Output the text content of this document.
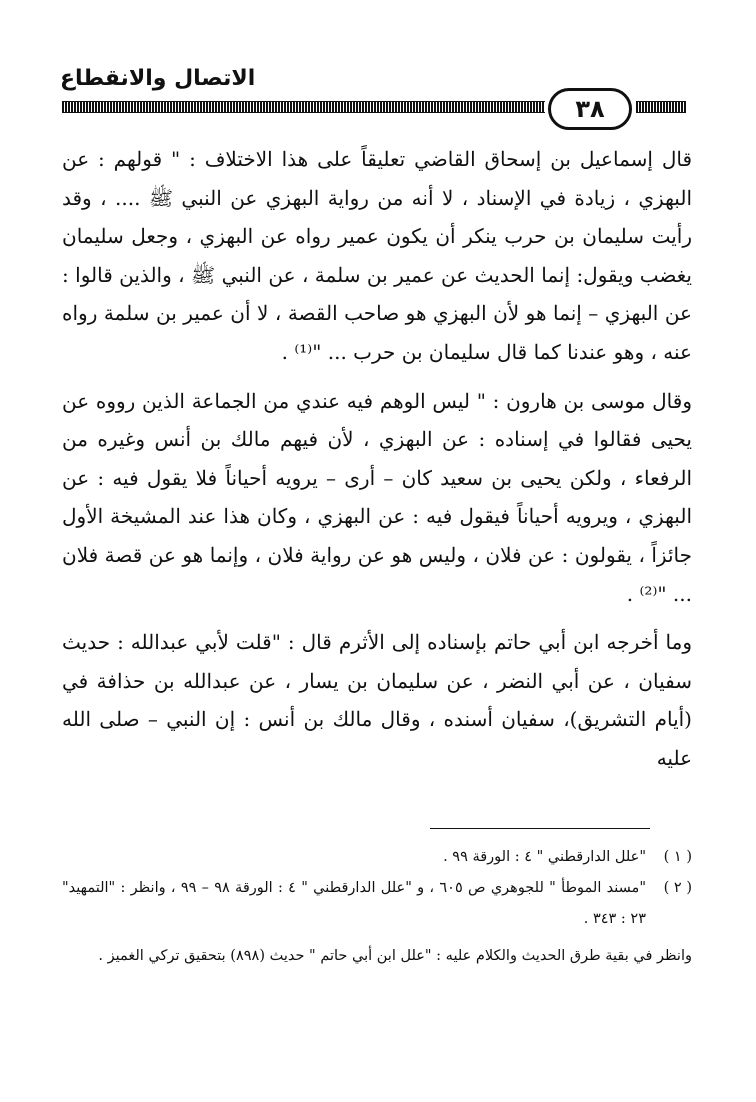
الاتصال والانقطاع
٣٨

قال إسماعيل بن إسحاق القاضي تعليقاً على هذا الاختلاف : " قولهم : عن البهزي ، زيادة في الإسناد ، لا أنه من رواية البهزي عن النبي ﷺ .... ، وقد رأيت سليمان بن حرب ينكر أن يكون عمير رواه عن البهزي ، وجعل سليمان يغضب ويقول: إنما الحديث عن عمير بن سلمة ، عن النبي ﷺ ، والذين قالوا : عن البهزي – إنما هو لأن البهزي هو صاحب القصة ، لا أن عمير بن سلمة رواه عنه ، وهو عندنا كما قال سليمان بن حرب ... "⁽¹⁾ .

وقال موسى بن هارون : " ليس الوهم فيه عندي من الجماعة الذين رووه عن يحيى فقالوا في إسناده : عن البهزي ، لأن فيهم مالك بن أنس وغيره من الرفعاء ، ولكن يحيى بن سعيد كان – أرى – يرويه أحياناً فلا يقول فيه : عن البهزي ، ويرويه أحياناً فيقول فيه : عن البهزي ، وكان هذا عند المشيخة الأول جائزاً ، يقولون : عن فلان ، وليس هو عن رواية فلان ، وإنما هو عن قصة فلان ... "⁽²⁾ .

وما أخرجه ابن أبي حاتم بإسناده إلى الأثرم قال : "قلت لأبي عبدالله : حديث سفيان ، عن أبي النضر ، عن سليمان بن يسار ، عن عبدالله بن حذافة في (أيام التشريق)، سفيان أسنده ، وقال مالك بن أنس : إن النبي – صلى الله عليه

( ١ )
"علل الدارقطني " ٤ : الورقة ٩٩ .
( ٢ )
"مسند الموطأ " للجوهري ص ٦٠٥ ، و "علل الدارقطني " ٤ : الورقة ٩٨ – ٩٩ ، وانظر : "التمهيد" ٢٣ : ٣٤٣ .
وانظر في بقية طرق الحديث والكلام عليه : "علل ابن أبي حاتم " حديث (٨٩٨) بتحقيق تركي الغميز .
